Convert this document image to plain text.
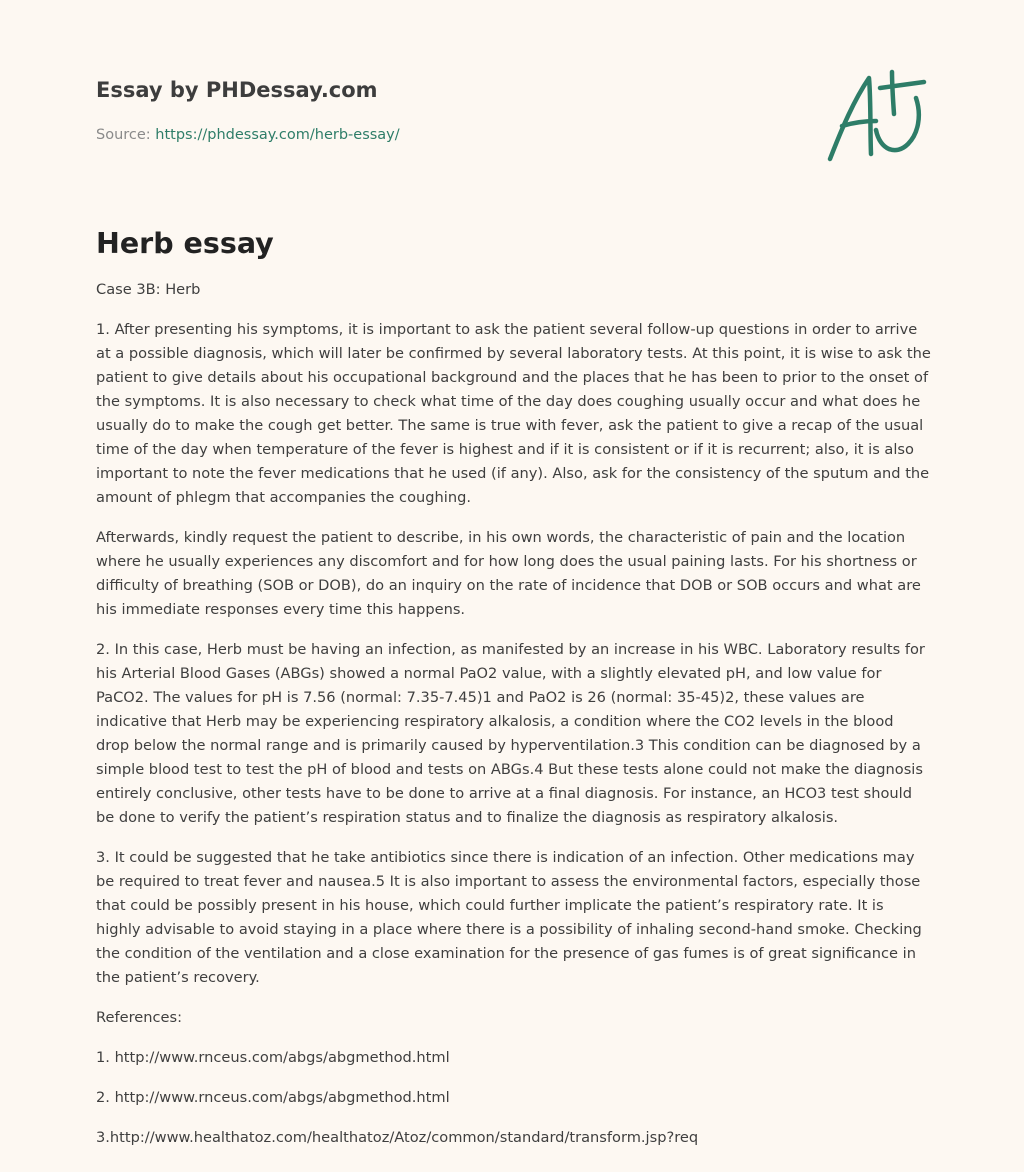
Essay by PHDessay.com
Source: https://phdessay.com/herb-essay/
Herb essay

Case 3B: Herb

1. After presenting his symptoms, it is important to ask the patient several follow-up questions in order to arrive at a possible diagnosis, which will later be confirmed by several laboratory tests. At this point, it is wise to ask the patient to give details about his occupational background and the places that he has been to prior to the onset of the symptoms. It is also necessary to check what time of the day does coughing usually occur and what does he usually do to make the cough get better. The same is true with fever, ask the patient to give a recap of the usual time of the day when temperature of the fever is highest and if it is consistent or if it is recurrent; also, it is also important to note the fever medications that he used (if any). Also, ask for the consistency of the sputum and the amount of phlegm that accompanies the coughing.

Afterwards, kindly request the patient to describe, in his own words, the characteristic of pain and the location where he usually experiences any discomfort and for how long does the usual paining lasts. For his shortness or difficulty of breathing (SOB or DOB), do an inquiry on the rate of incidence that DOB or SOB occurs and what are his immediate responses every time this happens.

2. In this case, Herb must be having an infection, as manifested by an increase in his WBC. Laboratory results for his Arterial Blood Gases (ABGs) showed a normal PaO2 value, with a slightly elevated pH, and low value for PaCO2. The values for pH is 7.56 (normal: 7.35-7.45)1 and PaO2 is 26 (normal: 35-45)2, these values are indicative that Herb may be experiencing respiratory alkalosis, a condition where the CO2 levels in the blood drop below the normal range and is primarily caused by hyperventilation.3 This condition can be diagnosed by a simple blood test to test the pH of blood and tests on ABGs.4 But these tests alone could not make the diagnosis entirely conclusive, other tests have to be done to arrive at a final diagnosis. For instance, an HCO3 test should be done to verify the patient’s respiration status and to finalize the diagnosis as respiratory alkalosis.

3. It could be suggested that he take antibiotics since there is indication of an infection. Other medications may be required to treat fever and nausea.5 It is also important to assess the environmental factors, especially those that could be possibly present in his house, which could further implicate the patient’s respiratory rate. It is highly advisable to avoid staying in a place where there is a possibility of inhaling second-hand smoke. Checking the condition of the ventilation and a close examination for the presence of gas fumes is of great significance in the patient’s recovery.

References:

1. http://www.rnceus.com/abgs/abgmethod.html

2. http://www.rnceus.com/abgs/abgmethod.html

3.http://www.healthatoz.com/healthatoz/Atoz/common/standard/transform.jsp?req
